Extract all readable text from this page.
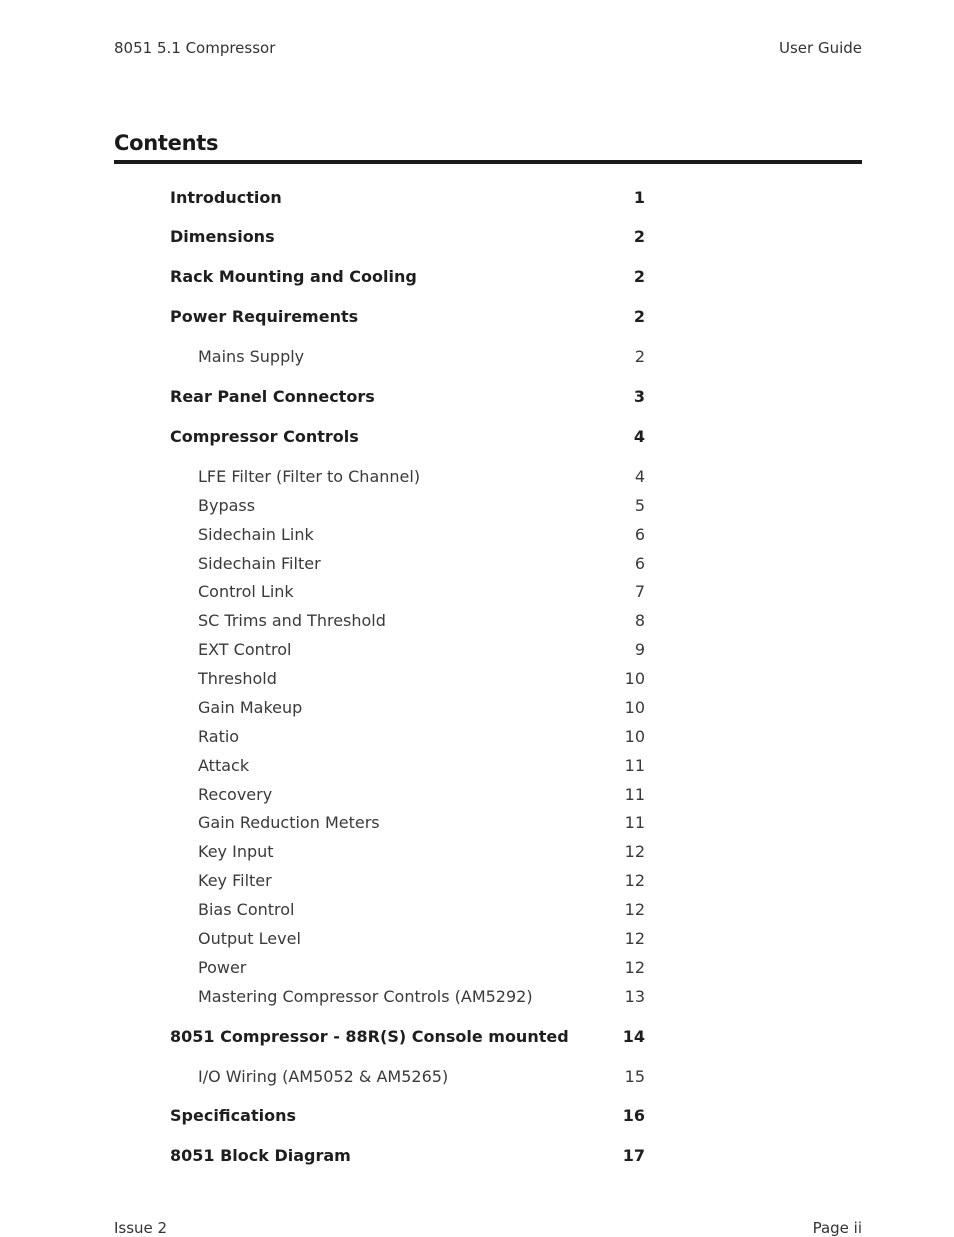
8051 5.1 Compressor	User Guide
Contents
Introduction	1
Dimensions	2
Rack Mounting and Cooling	2
Power Requirements	2
Mains Supply	2
Rear Panel Connectors	3
Compressor Controls	4
LFE Filter (Filter to Channel)	4
Bypass	5
Sidechain Link	6
Sidechain Filter	6
Control Link	7
SC Trims and Threshold	8
EXT Control	9
Threshold	10
Gain Makeup	10
Ratio	10
Attack	11
Recovery	11
Gain Reduction Meters	11
Key Input	12
Key Filter	12
Bias Control	12
Output Level	12
Power	12
Mastering Compressor Controls (AM5292)	13
8051 Compressor - 88R(S) Console mounted	14
I/O Wiring (AM5052 & AM5265)	15
Specifications	16
8051 Block Diagram	17
Issue 2	Page ii
